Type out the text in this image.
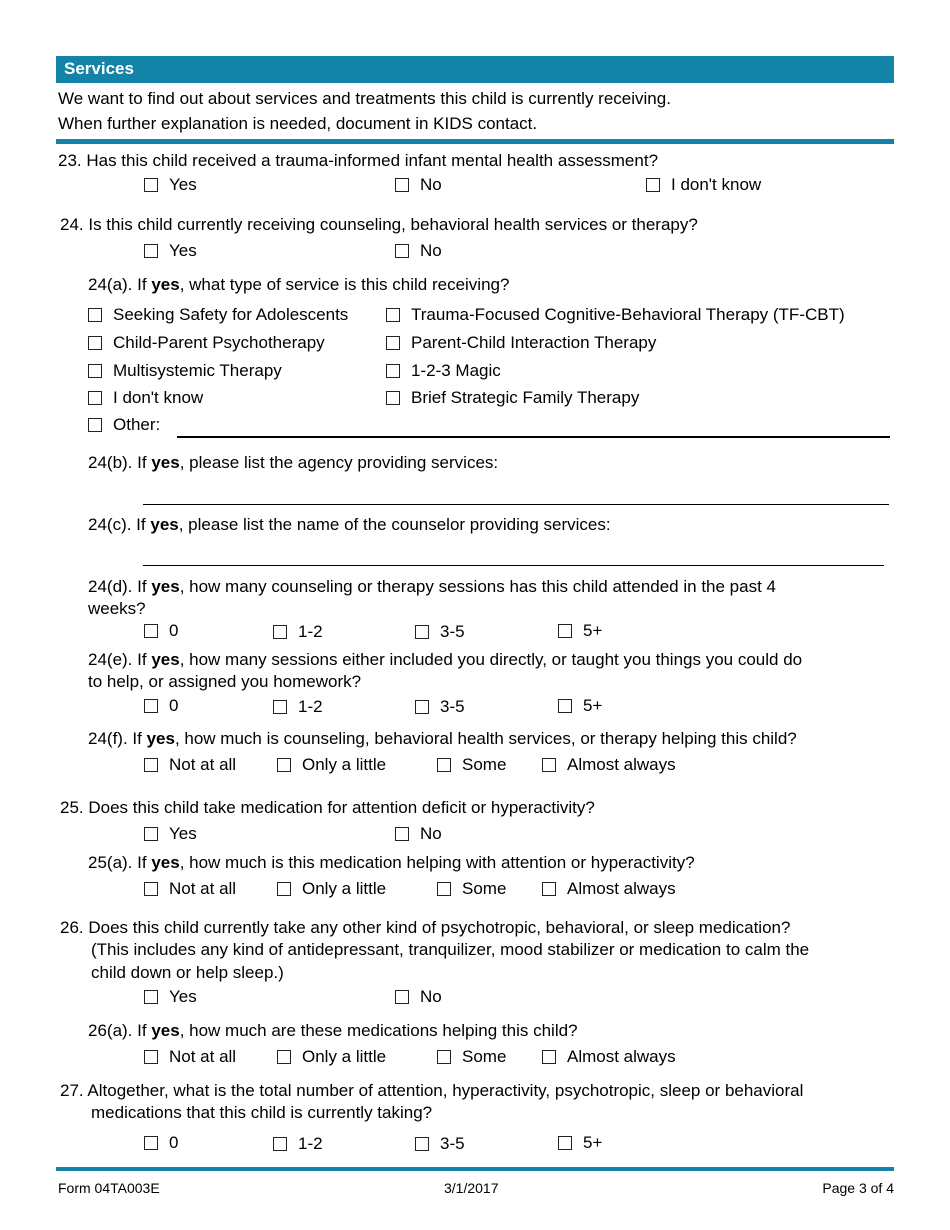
Services
We want to find out about services and treatments this child is currently receiving.
When further explanation is needed, document in KIDS contact.
23. Has this child received a trauma-informed infant mental health assessment?
Yes	No	I don't know
24. Is this child currently receiving counseling, behavioral health services or therapy?
Yes	No
24(a). If yes, what type of service is this child receiving?
Seeking Safety for Adolescents	Trauma-Focused Cognitive-Behavioral Therapy (TF-CBT)
Child-Parent Psychotherapy	Parent-Child Interaction Therapy
Multisystemic Therapy	1-2-3 Magic
I don't know	Brief Strategic Family Therapy
Other:
24(b). If yes, please list the agency providing services:
24(c). If yes, please list the name of the counselor providing services:
24(d). If yes, how many counseling or therapy sessions has this child attended in the past 4
weeks?
0	1-2	3-5	5+
24(e). If yes, how many sessions either included you directly, or taught you things you could do
to help, or assigned you homework?
0	1-2	3-5	5+
24(f). If yes, how much is counseling, behavioral health services, or therapy helping this child?
Not at all	Only a little	Some	Almost always
25. Does this child take medication for attention deficit or hyperactivity?
Yes	No
25(a). If yes, how much is this medication helping with attention or hyperactivity?
Not at all	Only a little	Some	Almost always
26. Does this child currently take any other kind of psychotropic, behavioral, or sleep medication?
(This includes any kind of antidepressant, tranquilizer, mood stabilizer or medication to calm the
child down or help sleep.)
Yes	No
26(a). If yes, how much are these medications helping this child?
Not at all	Only a little	Some	Almost always
27. Altogether, what is the total number of attention, hyperactivity, psychotropic, sleep or behavioral
medications that this child is currently taking?
0	1-2	3-5	5+
Form 04TA003E	3/1/2017	Page 3 of 4
